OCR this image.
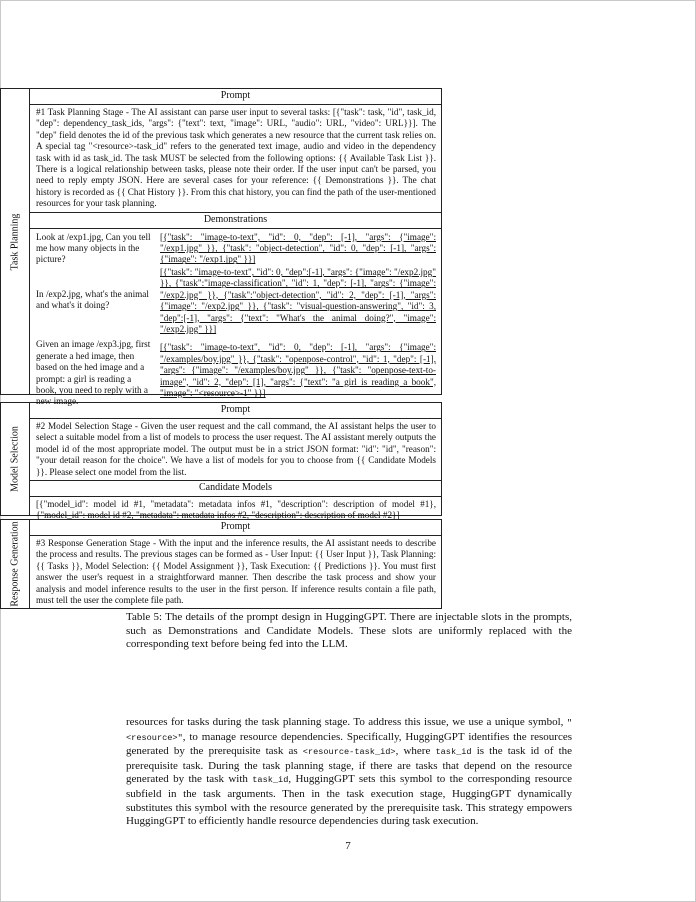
Task Planning
Prompt
#1 Task Planning Stage - The AI assistant can parse user input to several tasks: [{"task": task, "id", task_id, "dep": dependency_task_ids, "args": {"text": text, "image": URL, "audio": URL, "video": URL}}]. The "dep" field denotes the id of the previous task which generates a new resource that the current task relies on. A special tag "<resource>-task_id" refers to the generated text image, audio and video in the dependency task with id as task_id. The task MUST be selected from the following options: {{ Available Task List }}. There is a logical relationship between tasks, please note their order. If the user input can't be parsed, you need to reply empty JSON. Here are several cases for your reference: {{ Demonstrations }}. The chat history is recorded as {{ Chat History }}. From this chat history, you can find the path of the user-mentioned resources for your task planning.
Demonstrations
Look at /exp1.jpg, Can you tell me how many objects in the picture?
[{"task": "image-to-text", "id": 0, "dep": [-1], "args": {"image": "/exp1.jpg" }}, {"task": "object-detection", "id": 0, "dep": [-1], "args": {"image": "/exp1.jpg" }}]
In /exp2.jpg, what's the animal and what's it doing?
[{"task": "image-to-text", "id": 0, "dep":[-1], "args": {"image": "/exp2.jpg" }}, {"task":"image-classification", "id": 1, "dep": [-1], "args": {"image": "/exp2.jpg" }}, {"task":"object-detection", "id": 2, "dep": [-1], "args": {"image": "/exp2.jpg" }}, {"task": "visual-question-answering", "id": 3, "dep":[-1], "args": {"text": "What's the animal doing?", "image": "/exp2.jpg" }}]
Given an image /exp3.jpg, first generate a hed image, then based on the hed image and a prompt: a girl is reading a book, you need to reply with a new image.
[{"task": "image-to-text", "id": 0, "dep": [-1], "args": {"image": "/examples/boy.jpg" }}, {"task": "openpose-control", "id": 1, "dep": [-1], "args": {"image": "/examples/boy.jpg" }}, {"task": "openpose-text-to-image", "id": 2, "dep": [1], "args": {"text": "a girl is reading a book", "image": "<resource>-1" }}]
Model Selection
Prompt
#2 Model Selection Stage - Given the user request and the call command, the AI assistant helps the user to select a suitable model from a list of models to process the user request. The AI assistant merely outputs the model id of the most appropriate model. The output must be in a strict JSON format: "id": "id", "reason": "your detail reason for the choice". We have a list of models for you to choose from {{ Candidate Models }}. Please select one model from the list.
Candidate Models
[{"model_id": model id #1, "metadata": metadata infos #1, "description": description of model #1}, {"model_id": model id #2, "metadata": metadata infos #2, "description": description of model #2}]
Response Generation	Prompt
#3 Response Generation Stage - With the input and the inference results, the AI assistant needs to describe the process and results. The previous stages can be formed as - User Input: {{ User Input }}, Task Planning: {{ Tasks }}, Model Selection: {{ Model Assignment }}, Task Execution: {{ Predictions }}. You must first answer the user's request in a straightforward manner. Then describe the task process and show your analysis and model inference results to the user in the first person. If inference results contain a file path, must tell the user the complete file path.
Table 5: The details of the prompt design in HuggingGPT. There are injectable slots in the prompts, such as Demonstrations and Candidate Models. These slots are uniformly replaced with the corresponding text before being fed into the LLM.
resources for tasks during the task planning stage. To address this issue, we use a unique symbol, "<resource>", to manage resource dependencies. Specifically, HuggingGPT identifies the resources generated by the prerequisite task as <resource-task_id>, where task_id is the task id of the prerequisite task. During the task planning stage, if there are tasks that depend on the resource generated by the task with task_id, HuggingGPT sets this symbol to the corresponding resource subfield in the task arguments. Then in the task execution stage, HuggingGPT dynamically substitutes this symbol with the resource generated by the prerequisite task. This strategy empowers HuggingGPT to efficiently handle resource dependencies during task execution.
7
